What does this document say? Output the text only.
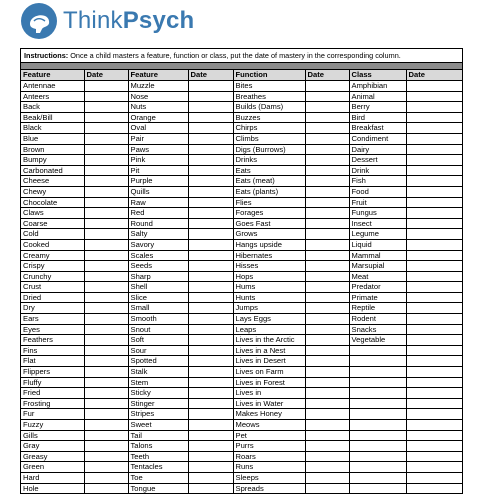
ThinkPsych
Instructions: Once a child masters a feature, function or class, put the date of mastery in the corresponding column.
Feature	Date	Feature	Date	Function	Date	Class	Date
Antennae		Muzzle		Bites		Amphibian	
Anteers		Nose		Breathes		Animal	
Back		Nuts		Builds (Dams)		Berry	
Beak/Bill		Orange		Buzzes		Bird	
Black		Oval		Chirps		Breakfast	
Blue		Pair		Climbs		Condiment	
Brown		Paws		Digs (Burrows)		Dairy	
Bumpy		Pink		Drinks		Dessert	
Carbonated		Pit		Eats		Drink	
Cheese		Purple		Eats (meat)		Fish	
Chewy		Quills		Eats (plants)		Food	
Chocolate		Raw		Flies		Fruit	
Claws		Red		Forages		Fungus	
Coarse		Round		Goes Fast		Insect	
Cold		Salty		Grows		Legume	
Cooked		Savory		Hangs upside		Liquid	
Creamy		Scales		Hibernates		Mammal	
Crispy		Seeds		Hisses		Marsupial	
Crunchy		Sharp		Hops		Meat	
Crust		Shell		Hums		Predator	
Dried		Slice		Hunts		Primate	
Dry		Small		Jumps		Reptile	
Ears		Smooth		Lays Eggs		Rodent	
Eyes		Snout		Leaps		Snacks	
Feathers		Soft		Lives in the Arctic		Vegetable	
Fins		Sour		Lives in a Nest			
Flat		Spotted		Lives in Desert			
Flippers		Stalk		Lives on Farm			
Fluffy		Stem		Lives in Forest			
Fried		Sticky		Lives in			
Frosting		Stinger		Lives in Water			
Fur		Stripes		Makes Honey			
Fuzzy		Sweet		Meows			
Gills		Tail		Pet			
Gray		Talons		Purrs			
Greasy		Teeth		Roars			
Green		Tentacles		Runs			
Hard		Toe		Sleeps			
Hole		Tongue		Spreads			
